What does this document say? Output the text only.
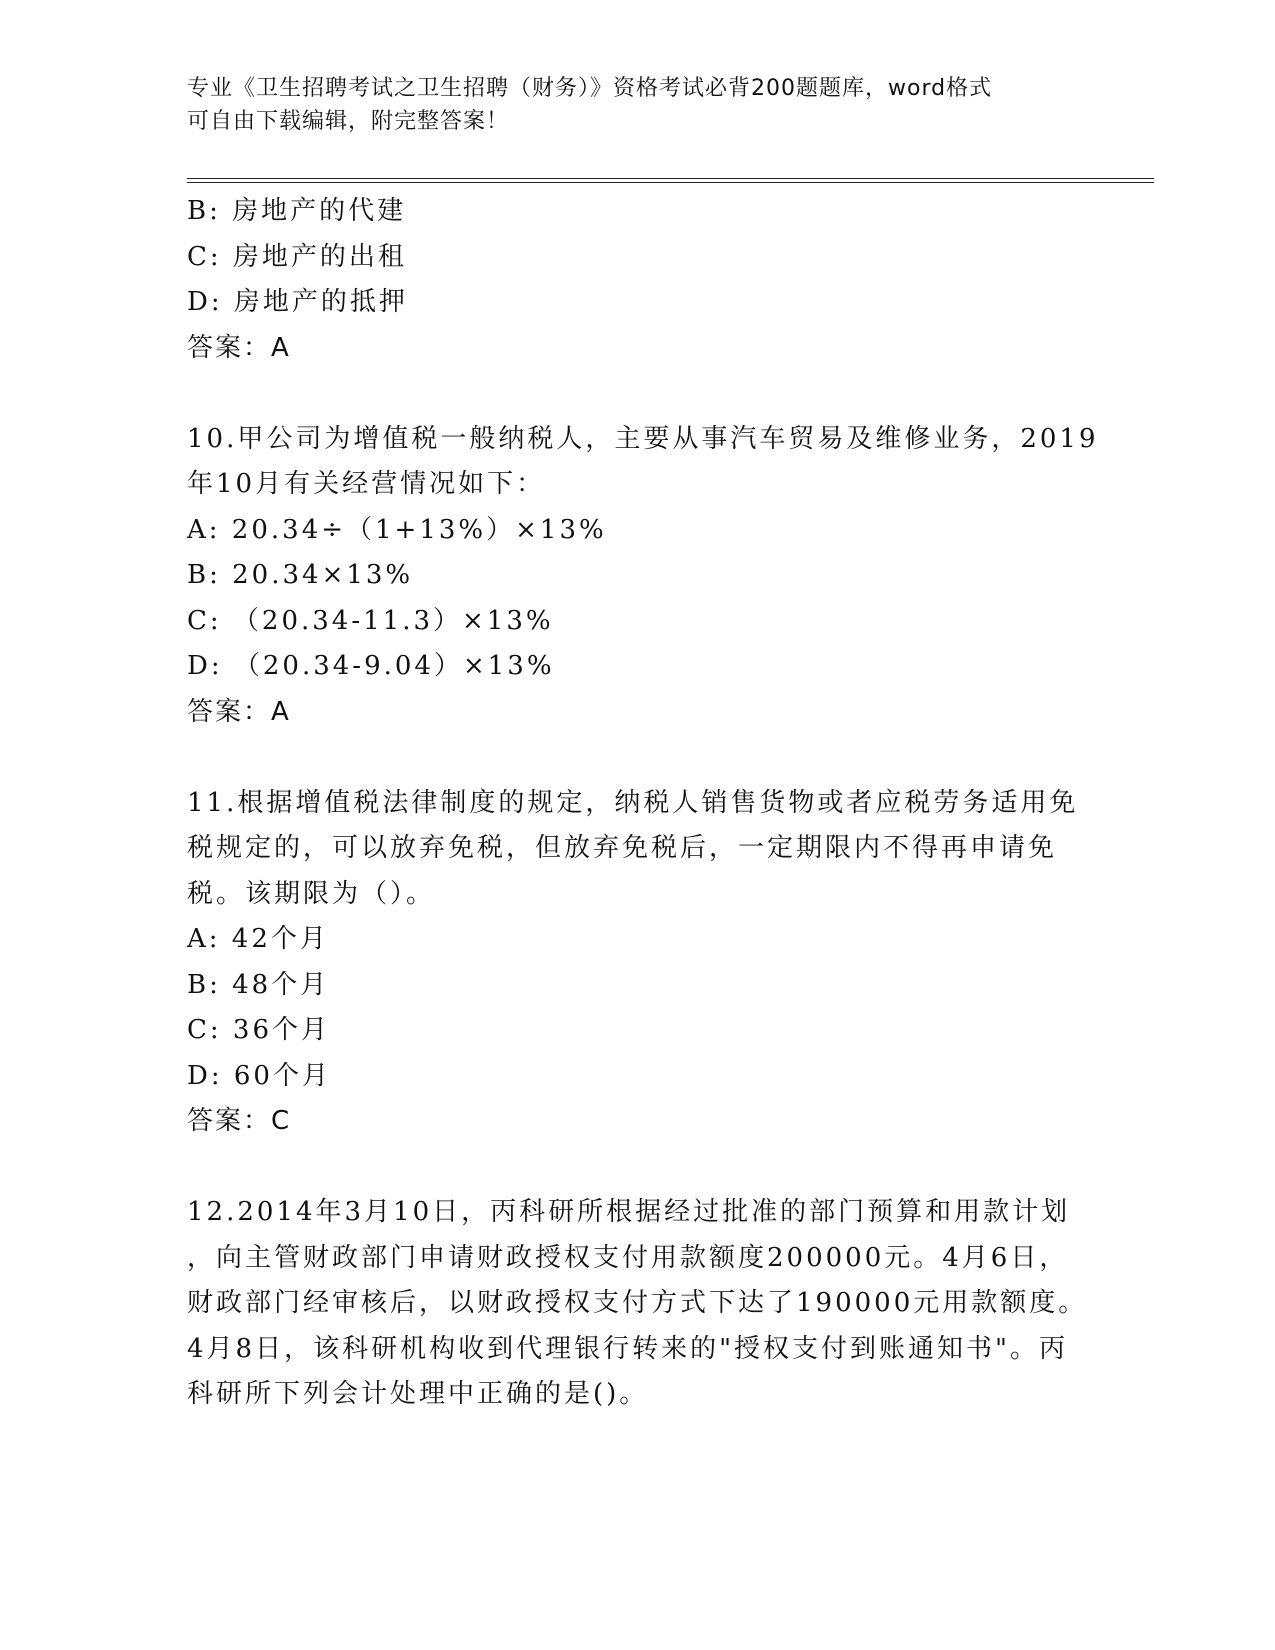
专业《卫生招聘考试之卫生招聘（财务）》资格考试必背200题题库，word格式
可自由下载编辑，附完整答案！
B: 房地产的代建
C: 房地产的出租
D: 房地产的抵押
答案：A
10.甲公司为增值税一般纳税人，主要从事汽车贸易及维修业务，2019
年10月有关经营情况如下：
A: 20.34÷（1+13%）×13%
B: 20.34×13%
C: （20.34-11.3）×13%
D: （20.34-9.04）×13%
答案：A
11.根据增值税法律制度的规定，纳税人销售货物或者应税劳务适用免
税规定的，可以放弃免税，但放弃免税后，一定期限内不得再申请免
税。该期限为（）。
A: 42个月
B: 48个月
C: 36个月
D: 60个月
答案：C
12.2014年3月10日，丙科研所根据经过批准的部门预算和用款计划
，向主管财政部门申请财政授权支付用款额度200000元。4月6日，
财政部门经审核后，以财政授权支付方式下达了190000元用款额度。
4月8日，该科研机构收到代理银行转来的"授权支付到账通知书"。丙
科研所下列会计处理中正确的是()。
